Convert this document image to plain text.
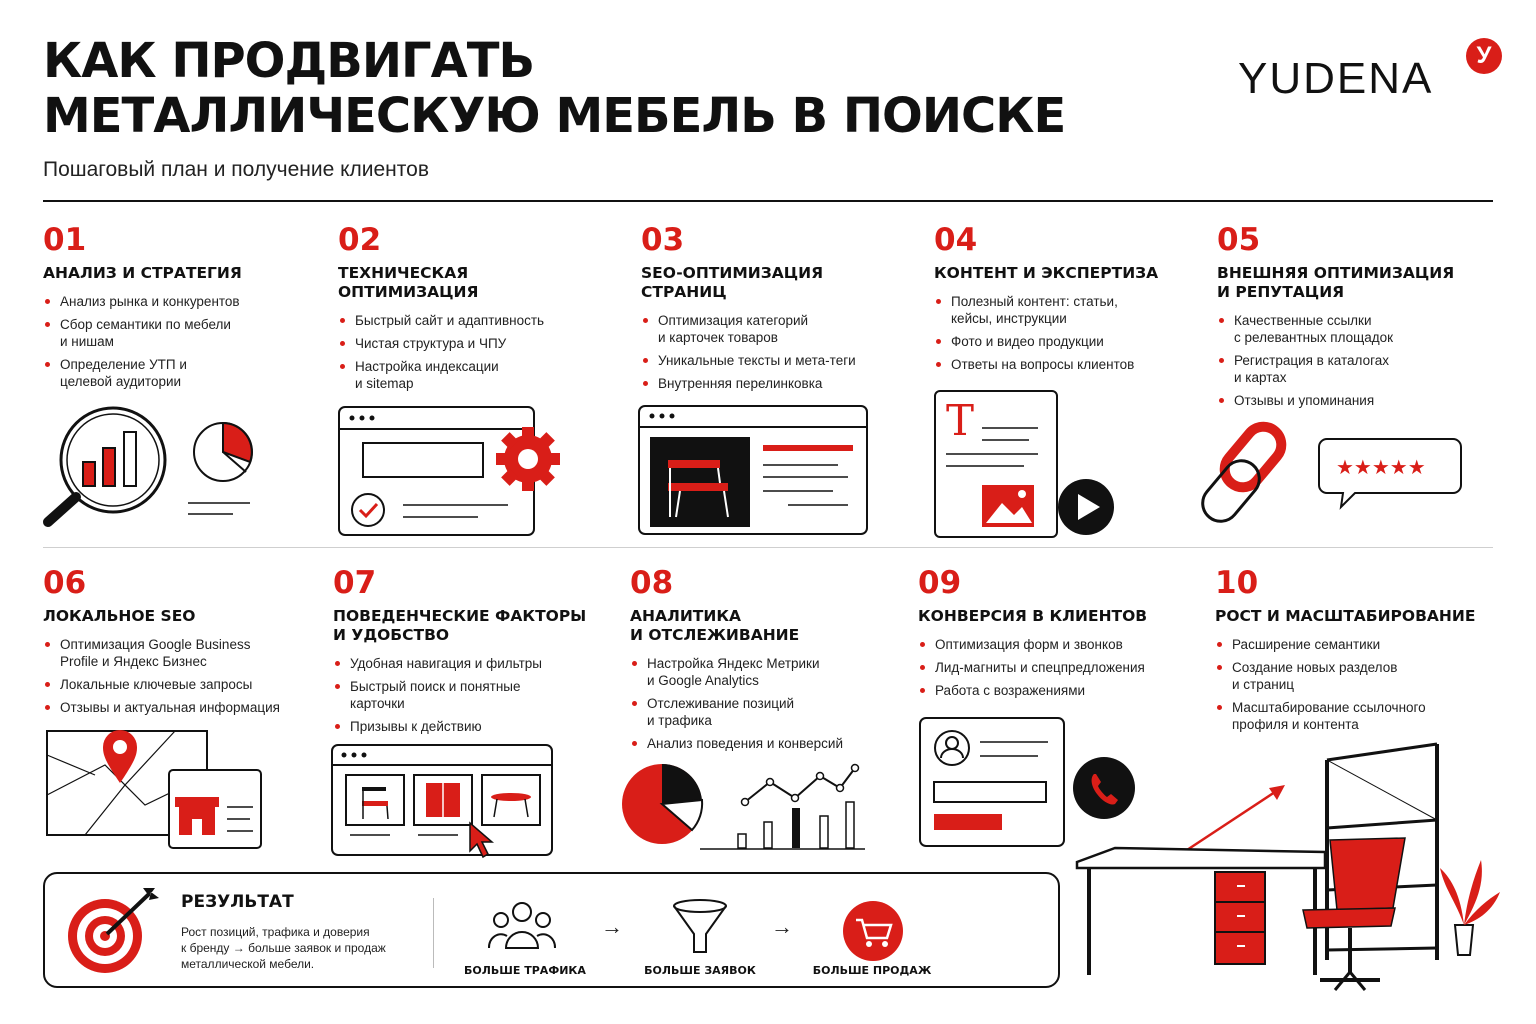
КАК ПРОДВИГАТЬ
МЕТАЛЛИЧЕСКУЮ МЕБЕЛЬ В ПОИСКЕ
Пошаговый план и получение клиентов
YUDENA	У
01
АНАЛИЗ И СТРАТЕГИЯ
Анализ рынка и конкурентов
Сбор семантики по мебели
и нишам
Определение УТП и
целевой аудитории
02
ТЕХНИЧЕСКАЯ
ОПТИМИЗАЦИЯ
Быстрый сайт и адаптивность
Чистая структура и ЧПУ
Настройка индексации
и sitemap
03
SEO-ОПТИМИЗАЦИЯ
СТРАНИЦ
Оптимизация категорий
и карточек товаров
Уникальные тексты и мета-теги
Внутренняя перелинковка
04
КОНТЕНТ И ЭКСПЕРТИЗА
Полезный контент: статьи,
кейсы, инструкции
Фото и видео продукции
Ответы на вопросы клиентов
05
ВНЕШНЯЯ ОПТИМИЗАЦИЯ
И РЕПУТАЦИЯ
Качественные ссылки
с релевантных площадок
Регистрация в каталогах
и картах
Отзывы и упоминания
06
ЛОКАЛЬНОЕ SEO
Оптимизация Google Business
Profile и Яндекс Бизнес
Локальные ключевые запросы
Отзывы и актуальная информация
07
ПОВЕДЕНЧЕСКИЕ ФАКТОРЫ
И УДОБСТВО
Удобная навигация и фильтры
Быстрый поиск и понятные
карточки
Призывы к действию
08
АНАЛИТИКА
И ОТСЛЕЖИВАНИЕ
Настройка Яндекс Метрики
и Google Analytics
Отслеживание позиций
и трафика
Анализ поведения и конверсий
09
КОНВЕРСИЯ В КЛИЕНТОВ
Оптимизация форм и звонков
Лид-магниты и спецпредложения
Работа с возражениями
10
РОСТ И МАСШТАБИРОВАНИЕ
Расширение семантики
Создание новых разделов
и страниц
Масштабирование ссылочного
профиля и контента
T
★★★★★
РЕЗУЛЬТАТ
Рост позиций, трафика и доверия
к бренду → больше заявок и продаж
металлической мебели.	БОЛЬШЕ ТРАФИКА
→
БОЛЬШЕ ЗАЯВОК
→
БОЛЬШЕ ПРОДАЖ
